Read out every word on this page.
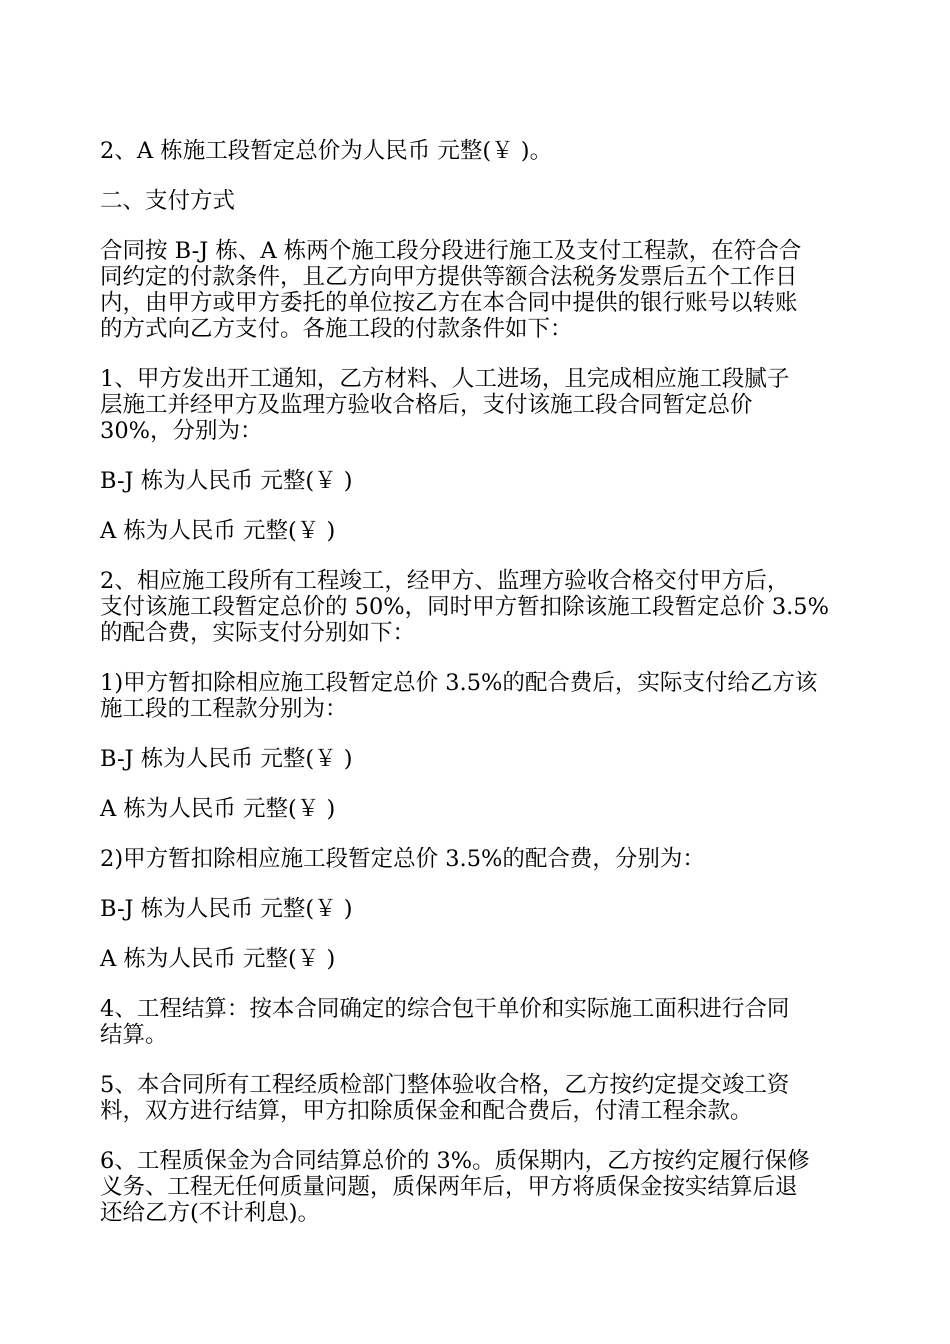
2、A 栋施工段暂定总价为人民币 元整(￥ )。

二、支付方式

合同按 B-J 栋、A 栋两个施工段分段进行施工及支付工程款，在符合合
同约定的付款条件，且乙方向甲方提供等额合法税务发票后五个工作日
内，由甲方或甲方委托的单位按乙方在本合同中提供的银行账号以转账
的方式向乙方支付。各施工段的付款条件如下：

1、甲方发出开工通知，乙方材料、人工进场，且完成相应施工段腻子
层施工并经甲方及监理方验收合格后，支付该施工段合同暂定总价
30%，分别为：

B-J 栋为人民币 元整(￥ )

A 栋为人民币 元整(￥ )

2、相应施工段所有工程竣工，经甲方、监理方验收合格交付甲方后，
支付该施工段暂定总价的 50%，同时甲方暂扣除该施工段暂定总价 3.5%
的配合费，实际支付分别如下：

1)甲方暂扣除相应施工段暂定总价 3.5%的配合费后，实际支付给乙方该
施工段的工程款分别为：

B-J 栋为人民币 元整(￥ )

A 栋为人民币 元整(￥ )

2)甲方暂扣除相应施工段暂定总价 3.5%的配合费，分别为：

B-J 栋为人民币 元整(￥ )

A 栋为人民币 元整(￥ )

4、工程结算：按本合同确定的综合包干单价和实际施工面积进行合同
结算。

5、本合同所有工程经质检部门整体验收合格，乙方按约定提交竣工资
料，双方进行结算，甲方扣除质保金和配合费后，付清工程余款。

6、工程质保金为合同结算总价的 3%。质保期内，乙方按约定履行保修
义务、工程无任何质量问题，质保两年后，甲方将质保金按实结算后退
还给乙方(不计利息)。
